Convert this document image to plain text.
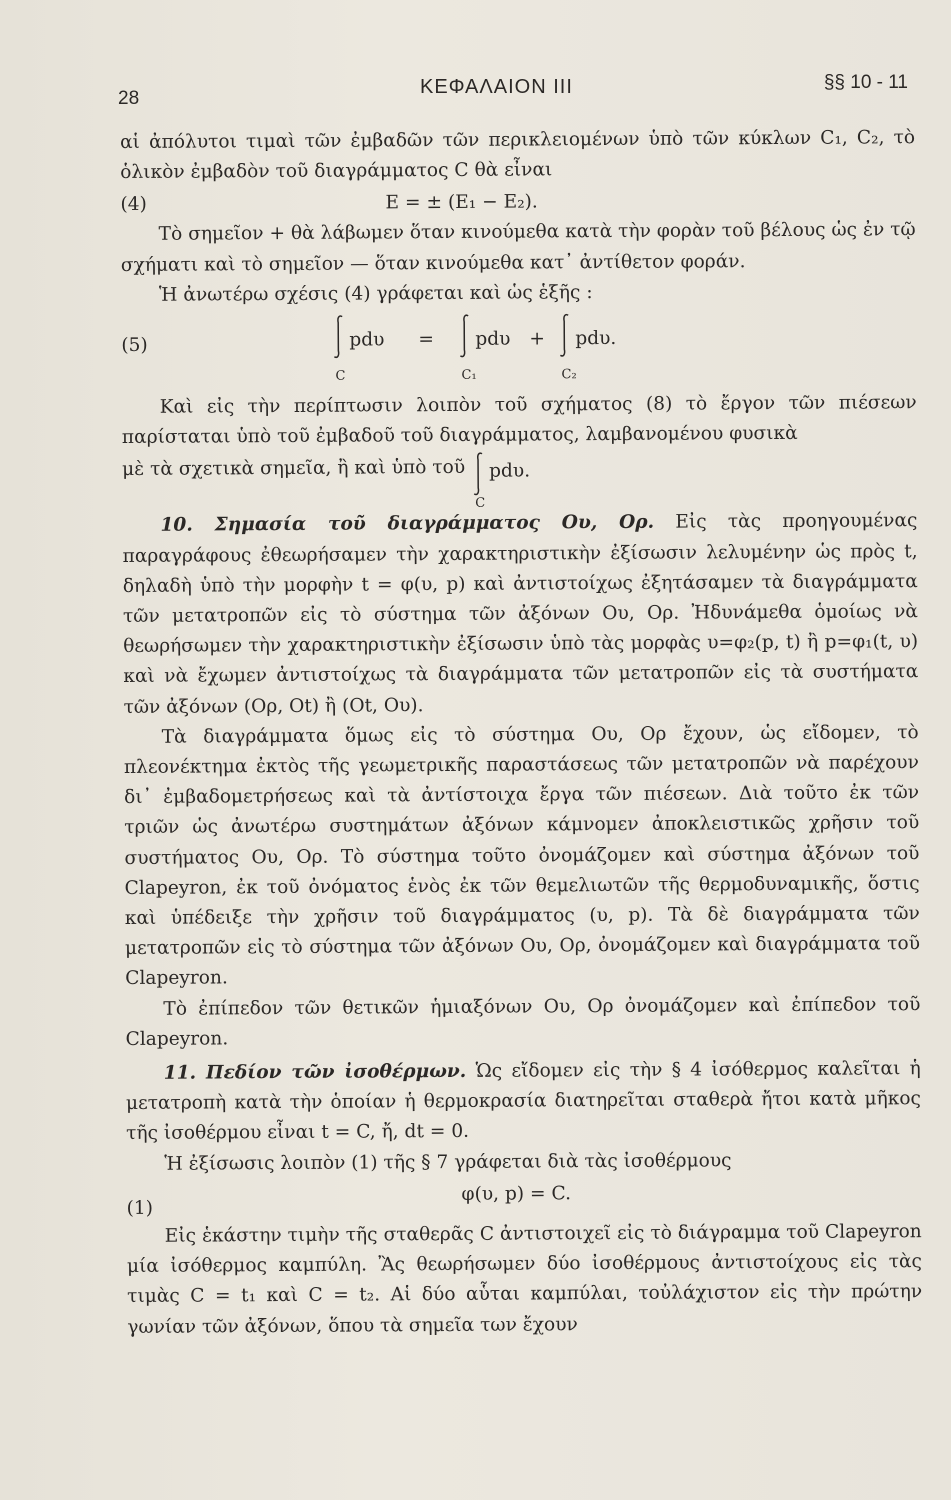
28
ΚΕΦΑΛΑΙΟΝ III	§§ 10 - 11

αἱ ἀπόλυτοι τιμαὶ τῶν ἐμβαδῶν τῶν περικλειομένων ὑπὸ τῶν κύκλων C₁, C₂, τὸ ὁλικὸν ἐμβαδὸν τοῦ διαγράμματος C θὰ εἶναι

(4)	E = ± (E₁ − E₂).

Τὸ σημεῖον + θὰ λάβωμεν ὅταν κινούμεθα κατὰ τὴν φορὰν τοῦ βέλους ὡς ἐν τῷ σχήματι καὶ τὸ σημεῖον — ὅταν κινούμεθα κατ᾽ ἀντίθετον φοράν.

Ἡ ἀνωτέρω σχέσις (4) γράφεται καὶ ὡς ἑξῆς :

(5)	pdυ
C
= pdυ
C₁
+ pdυ.
C₂

Καὶ εἰς τὴν περίπτωσιν λοιπὸν τοῦ σχήματος (8) τὸ ἔργον τῶν πιέσεων παρίσταται ὑπὸ τοῦ ἐμβαδοῦ τοῦ διαγράμματος, λαμβανομένου φυσικὰ

μὲ τὰ σχετικὰ σημεῖα, ἢ καὶ ὑπὸ τοῦ pdυ.
C

10. Σημασία τοῦ διαγράμματος Ου, Ορ. Εἰς τὰς προηγουμένας παραγράφους ἐθεωρήσαμεν τὴν χαρακτηριστικὴν ἐξίσωσιν λελυμένην ὡς πρὸς t, δηλαδὴ ὑπὸ τὴν μορφὴν t = φ(υ, p) καὶ ἀντιστοίχως ἐξητάσαμεν τὰ διαγράμματα τῶν μετατροπῶν εἰς τὸ σύστημα τῶν ἀξόνων Ου, Ορ. Ἠδυνάμεθα ὁμοίως νὰ θεωρήσωμεν τὴν χαρακτηριστικὴν ἐξίσωσιν ὑπὸ τὰς μορφὰς υ=φ₂(p, t) ἢ p=φ₁(t, υ) καὶ νὰ ἔχωμεν ἀντιστοίχως τὰ διαγράμματα τῶν μετατροπῶν εἰς τὰ συστήματα τῶν ἀξόνων (Ορ, Οt) ἢ (Οt, Ου).

Τὰ διαγράμματα ὅμως εἰς τὸ σύστημα Ου, Ορ ἔχουν, ὡς εἴδομεν, τὸ πλεονέκτημα ἐκτὸς τῆς γεωμετρικῆς παραστάσεως τῶν μετατροπῶν νὰ παρέχουν δι᾽ ἐμβαδομετρήσεως καὶ τὰ ἀντίστοιχα ἔργα τῶν πιέσεων. Διὰ τοῦτο ἐκ τῶν τριῶν ὡς ἀνωτέρω συστημάτων ἀξόνων κάμνομεν ἀποκλειστικῶς χρῆσιν τοῦ συστήματος Ου, Ορ. Τὸ σύστημα τοῦτο ὀνομάζομεν καὶ σύστημα ἀξόνων τοῦ Clapeyron, ἐκ τοῦ ὀνόματος ἑνὸς ἐκ τῶν θεμελιωτῶν τῆς θερμοδυναμικῆς, ὅστις καὶ ὑπέδειξε τὴν χρῆσιν τοῦ διαγράμματος (υ, p). Τὰ δὲ διαγράμματα τῶν μετατροπῶν εἰς τὸ σύστημα τῶν ἀξόνων Ου, Ορ, ὀνομάζομεν καὶ διαγράμματα τοῦ Clapeyron.

Τὸ ἐπίπεδον τῶν θετικῶν ἡμιαξόνων Ου, Ορ ὀνομάζομεν καὶ ἐπίπεδον τοῦ Clapeyron.

11. Πεδίον τῶν ἰσοθέρμων. Ὡς εἴδομεν εἰς τὴν § 4 ἰσόθερμος καλεῖται ἡ μετατροπὴ κατὰ τὴν ὁποίαν ἡ θερμοκρασία διατηρεῖται σταθερὰ ἤτοι κατὰ μῆκος τῆς ἰσοθέρμου εἶναι t = C, ἤ, dt = 0.

Ἡ ἐξίσωσις λοιπὸν (1) τῆς § 7 γράφεται διὰ τὰς ἰσοθέρμους

(1)
φ(υ, p) = C.

Εἰς ἑκάστην τιμὴν τῆς σταθερᾶς C ἀντιστοιχεῖ εἰς τὸ διάγραμμα τοῦ Clapeyron μία ἰσόθερμος καμπύλη. Ἂς θεωρήσωμεν δύο ἰσοθέρμους ἀντιστοίχους εἰς τὰς τιμὰς C = t₁ καὶ C = t₂. Αἱ δύο αὗται καμπύλαι, τοὐλάχιστον εἰς τὴν πρώτην γωνίαν τῶν ἀξόνων, ὅπου τὰ σημεῖα των ἔχουν
